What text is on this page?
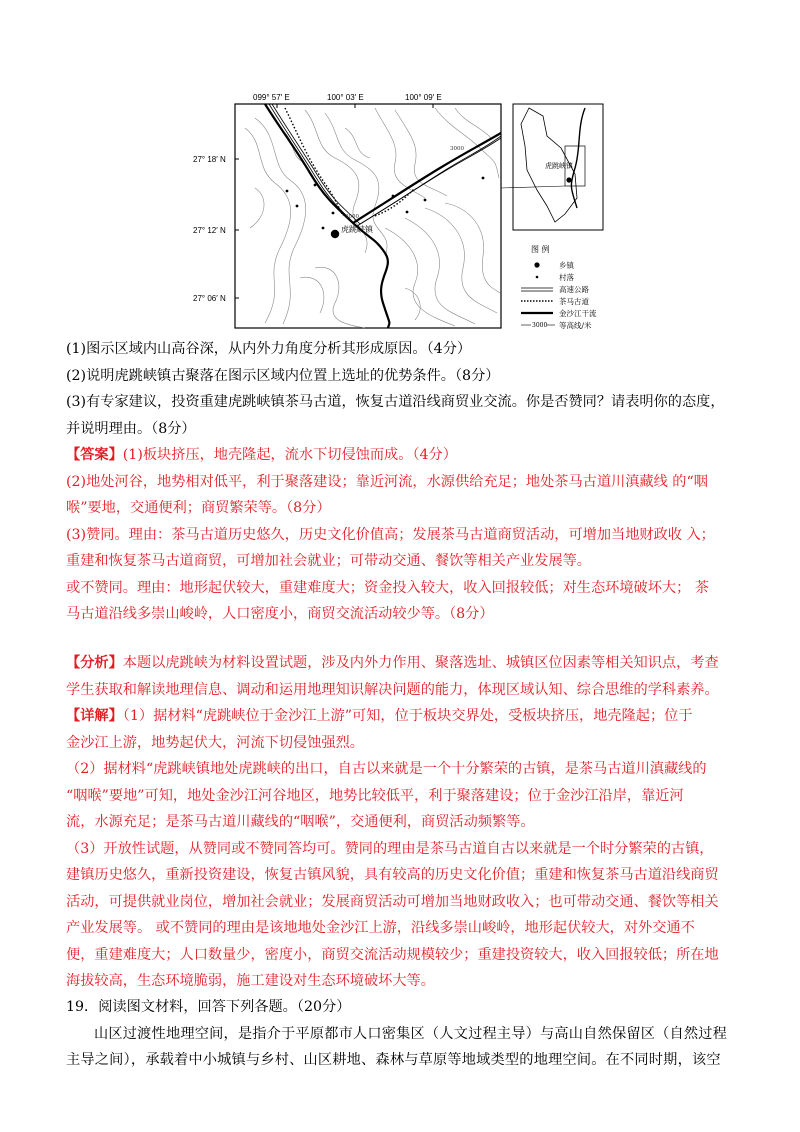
099° 57′ E	100° 03′ E	100° 09′ E
27° 18′ N
27° 12′ N
27° 06′ N
虎跳峡镇
3000
3000
虎跳峡镇
图 例
乡镇
村落
高速公路
茶马古道
金沙江干流
3000 等高线/米
(1)图示区域内山高谷深，从内外力角度分析其形成原因。（4分）
(2)说明虎跳峡镇古聚落在图示区域内位置上选址的优势条件。（8分）
(3)有专家建议，投资重建虎跳峡镇茶马古道，恢复古道沿线商贸业交流。你是否赞同？请表明你的态度，
并说明理由。（8分）
【答案】(1)板块挤压，地壳隆起，流水下切侵蚀而成。（4分）
(2)地处河谷，地势相对低平，利于聚落建设；靠近河流，水源供给充足；地处茶马古道川滇藏线 的“咽
喉”要地，交通便利；商贸繁荣等。（8分）
(3)赞同。理由：茶马古道历史悠久，历史文化价值高；发展茶马古道商贸活动，可增加当地财政收 入；
重建和恢复茶马古道商贸，可增加社会就业；可带动交通、餐饮等相关产业发展等。
或不赞同。理由：地形起伏较大，重建难度大；资金投入较大，收入回报较低；对生态环境破坏大； 茶
马古道沿线多崇山峻岭，人口密度小，商贸交流活动较少等。（8分）
【分析】本题以虎跳峡为材料设置试题，涉及内外力作用、聚落选址、城镇区位因素等相关知识点，考查
学生获取和解读地理信息、调动和运用地理知识解决问题的能力，体现区域认知、综合思维的学科素养。
【详解】（1）据材料“虎跳峡位于金沙江上游”可知，位于板块交界处，受板块挤压，地壳隆起；位于
金沙江上游，地势起伏大，河流下切侵蚀强烈。
（2）据材料“虎跳峡镇地处虎跳峡的出口，自古以来就是一个十分繁荣的古镇，是茶马古道川滇藏线的
“咽喉”要地”可知，地处金沙江河谷地区，地势比较低平，利于聚落建设；位于金沙江沿岸，靠近河
流，水源充足；是茶马古道川藏线的“咽喉”，交通便利，商贸活动频繁等。
（3）开放性试题，从赞同或不赞同答均可。赞同的理由是茶马古道自古以来就是一个时分繁荣的古镇，
建镇历史悠久，重新投资建设，恢复古镇风貌，具有较高的历史文化价值；重建和恢复茶马古道沿线商贸
活动，可提供就业岗位，增加社会就业；发展商贸活动可增加当地财政收入；也可带动交通、餐饮等相关
产业发展等。 或不赞同的理由是该地地处金沙江上游，沿线多崇山峻岭，地形起伏较大，对外交通不
便，重建难度大；人口数量少，密度小，商贸交流活动规模较少；重建投资较大，收入回报较低；所在地
海拔较高，生态环境脆弱，施工建设对生态环境破坏大等。
19．阅读图文材料，回答下列各题。（20分）
山区过渡性地理空间，是指介于平原都市人口密集区（人文过程主导）与高山自然保留区（自然过程
主导之间），承载着中小城镇与乡村、山区耕地、森林与草原等地域类型的地理空间。在不同时期，该空
